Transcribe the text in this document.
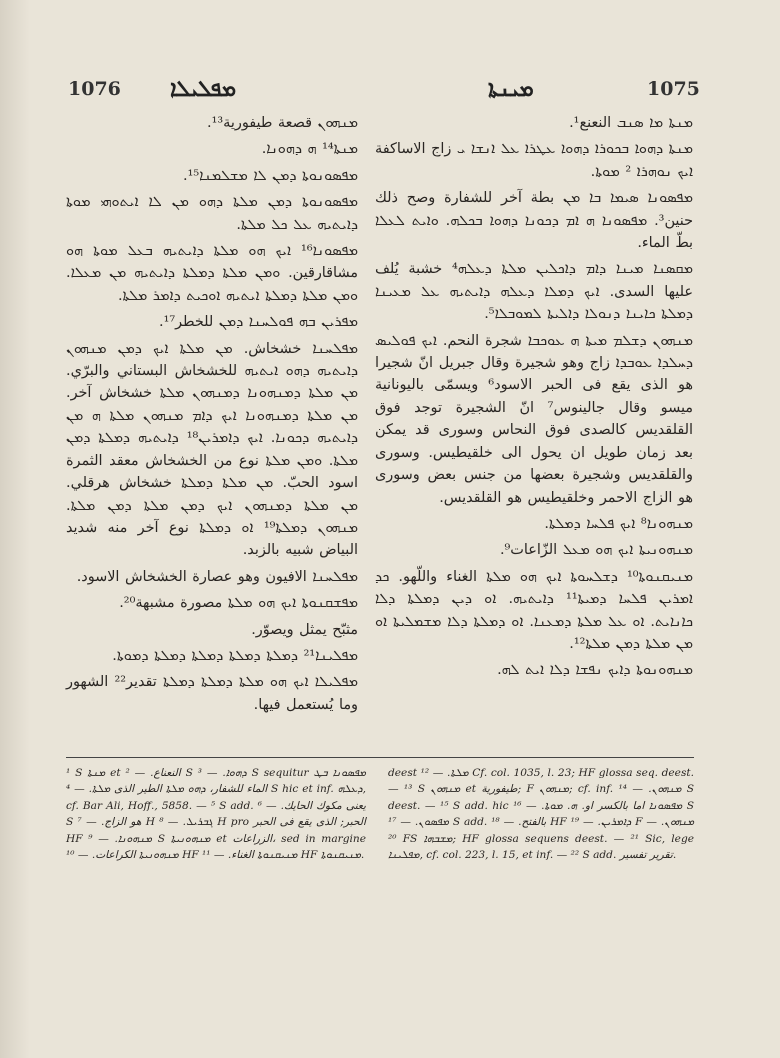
1076 ܡܦܠܝܠܐ	ܡܝܢܬܐ	1075

ܡܢܗܘܢ قصعة طيفورية¹³.

ܡܢܬܐ¹⁴ ܗ ܕܗܘܢܐ.

ܡܦܣܘܢܘܬܐ ܕܡܢ ܠܐ ܡܫܠܡܢܐ¹⁵.

ܡܦܣܘܢܘܬܐ ܕܡܢ ܡܠܬܐ ܕܗܘ ܡܢ ܠܐ ܐܝܬܘܗܝ ܡܘܬܐ ܕܐܝܬܝܗ ܥܠ ܟܠ ܡܠܬܐ.

ܡܦܣܘܢܐ¹⁶ ܐܝܟ ܗܘ ܡܠܬܐ ܕܐܝܬܝܗ ܒܥܠ ܡܘܬܐ ܗܘ مشاقارقين. ܘܡܢ ܡܠܬܐ ܕܡܠܬܐ ܕܐܝܬܝܗ ܡܢ ܡܥܠܐ. ܘܡܢ ܡܠܬܐ ܕܡܠܬܐ ܐܝܬܝܗ ܐܘܟܝܬ ܕܐܡܪ ܡܠܬܐ.

ܡܦܪܝܢ ܒܗ ܦܘܠܚܢܐ ܕܡܢ للخطر¹⁷.

ܡܦܠܚܢܐ خشخاش. ܡܢ ܡܠܬܐ ܐܝܟ ܕܡܢ ܡܢܗܘܢ ܕܐܝܬܝܗ ܕܗܘ ܐܝܬܝܗ للخشخاش البستاني والبرّي. ܡܢ ܡܠܬܐ ܕܡܢܗܘܢܐ ܕܡܢܗܘܢ ܡܠܬܐ خشخاش آخر. ܡܢ ܡܠܬܐ ܕܡܢܗܘܢܐ ܐܝܟ ܕܐܡ ܡܢܗܘܢ ܡܠܬܐ ܗ ܡܢ ܕܐܝܬܝܗ ܕܟܘܢܐ. ܐܝܟ ܕܐܡܪܝܢ¹⁸ ܕܐܝܬܝܗ ܕܡܠܬܐ ܕܡܢ ܡܠܬܐ. ܘܡܢ ܡܠܬܐ نوع من الخشخاش معقد الثمرة اسود الحبّ. ܡܢ ܡܠܬܐ ܕܡܠܬܐ خشخاش هرقلي. ܡܢ ܡܠܬܐ ܕܡܢܗܘܢ ܐܝܟ ܕܡܢ ܡܠܬܐ ܕܡܢ ܡܠܬܐ. ܡܢܗܘܢ ܕܡܠܬܐ¹⁹ ܐܘ ܕܡܠܬܐ نوع آخر منه شديد البياض شبيه بالزبد.

ܡܦܠܚܢܐ الافيون وهو عصارة الخشخاش الاسود.

ܡܦܫܩܢܘܬܐ ܐܝܟ ܗܘ ܡܠܬܐ مصورة مشبهة²⁰.

مثبّح يمثل ويصوّر.

ܡܦܠܝܢܐ²¹ ܕܡܠܬܐ ܕܡܠܬܐ ܕܡܠܬܐ ܕܡܠܬܐ ܕܡܘܬܐ.

ܡܦܠܝܠܐ ܐܝܟ ܗܘ ܡܠܬܐ ܕܡܠܬܐ ܕܡܠܬܐ تقدير²² الشهور وما يُستعمل فيها.

ܡܢܬܐ ܡܐ ܣܢܒ النعنع¹.

ܡܢܬܐ ܕܗܘܐ ܒܟܘܪܐ ܕܗܘܐ ܥܛܪܐ ܥܠ ܐܢܫܐ ܝ زاج الاساكفة ܐܝܟ ܢܘܗܪܐ ² ܡܘܬܐ.

ܡܦܣܘܢܐ ܣܝܡܐ ܒܐ ܡܢ بطة آخر للشفارة وصح ذلك حنين³. ܡܦܣܘܢܐ ܗ ܐܡ ܕܟܘܢܐ ܕܗܘܐ ܒܟܠܗ. ܘܐܝܬ ܠܥܠܐ بطّ الماء.

ܡܩܣܢܐ ܡܝܢܐ ܕܐܡ ܕܐܟܠܝܢ ܡܠܬܐ ܕܥܠܗ⁴ خشبة يُلف عليها السدى. ܐܝܟ ܕܡܠܐ ܕܥܠܗ ܕܐܝܬܝܗ ܥܠ ܡܥܝܢܐ ܕܡܠܬܐ ܟܐܝܢܐ ܕܢܘܠܐ ܕܐܠܝܬܐ ܠܡܘܒܠܐ⁵.

ܡܢܗܘܢ ܕܫܠܡ ܡܝܬܐ ܗ ܥܘܟܒܐ شجرة النحم. ܐܝܟ ܦܘܠܝܣ ܕܚܠܕܐ ܥܘܒܕܐ زاج وهو شجيرة وقال جبريل انّ شجيرا هو الذى يقع فى الحبر الاسود⁶ ويسمّى باليونانية ميسو وقال جالينوس⁷ انّ الشجيرة توجد فوق القلقديس كالصدى فوق النحاس وسورى قد يمكن بعد زمان طويل ان يحول الى خلقيطيس. وسورى والقلقديس وشجيرة بعضها من جنس بعض وسورى هو الزاج الاحمر وخلقيطيس هو القلقديس.

ܡܢܗܘܢܐ⁸ ܐܝܟ ܦܠܚܐ ܕܡܠܬܐ.

ܡܢܗܘܢܝܬܐ ܐܝܟ ܗܘ ܡܥܠ الزّاعات⁹.

ܡܢܝܩܢܘܬܐ¹⁰ ܕܫܠܚܘܬܐ ܐܝܟ ܗܘ ܡܠܬܐ الغناء واللّهو. ܟܕ ܐܡܪܝܢ ܦܠܚܐ ܕܡܝܬܐ¹¹ ܕܐܝܬܝܗ. ܐܘ ܕܝܢ ܕܡܠܬܐ ܕܠܐ ܟܐܢܐܝܬ. ܐܘ ܥܠ ܡܠܬܐ ܕܡܥܢܐ. ܐܘ ܕܡܠܬܐ ܕܠܐ ܡܫܡܠܝܬܐ ܐܘ ܡܢ ܡܠܬܐ ܕܡܢ ܡܠܬܐ¹².

ܡܢܗܘܢܘܬܐ ܕܐܝܟ ܢܦܫܐ ܕܠܐ ܐܝܬ ܠܗ.

¹ S ܡܢܬܐ et النعناع. — ² S ܕܗܘܐ. — ³ S sequitur ܡܦܣܘܢܐ ܒܛ الماء للشفار، ܕܗܘ ܡܠܬܐ الطير الذى ܡܠܬܐ. — ⁴ S hic et inf. ܕܥܠܗ, cf. Bar Ali, Hoff., 5858. — ⁵ S add. يعنى مكوك الحايك. — ⁶ S هو الزاج. — ⁷ H ܓܒܪܝܠ. — ⁸ H pro الحبر; الذى يقع فى الحبر HF ܡܢܗܘܢܐ. — ⁹ S ܡܢܗܘܢܝܬܐ et الزراعات، sed in margine ܡܢܗܘܢܝܬܐ الكراعات. — ¹⁰ HF ܡܢܝܩܢܘܬܐ الغناء. — ¹¹ HF ܡܢܝܩܢܘܬܐ.

deest ܡܠܬܐ. — ¹² Cf. col. 1035, l. 23; HF glossa seq. deest. — ¹³ S ܡܢܗܘܢ et طيفورية; F ܡܢܗܘܢ; cf. inf. ܡܢܗܘܢ. — ¹⁴ S deest. — ¹⁵ S add. hic ܡܦܣܘܢܐ اما بالكسر او. ܗ. ܡܘܬܐ. — ¹⁶ S ܡܦܣܘܢ. — ¹⁷ S add. بالفتح. — ¹⁸ HF ܕܐܡܪܝܢ. — ¹⁹ F ܡܢܗܘܢ. — ²⁰ FS ܡܫܒܗܐ; HF glossa sequens deest. — ²¹ Sic, lege ܡܦܠܝܢܐ, cf. col. 223, l. 15, et inf. — ²² S add. تقرير تفسير.
